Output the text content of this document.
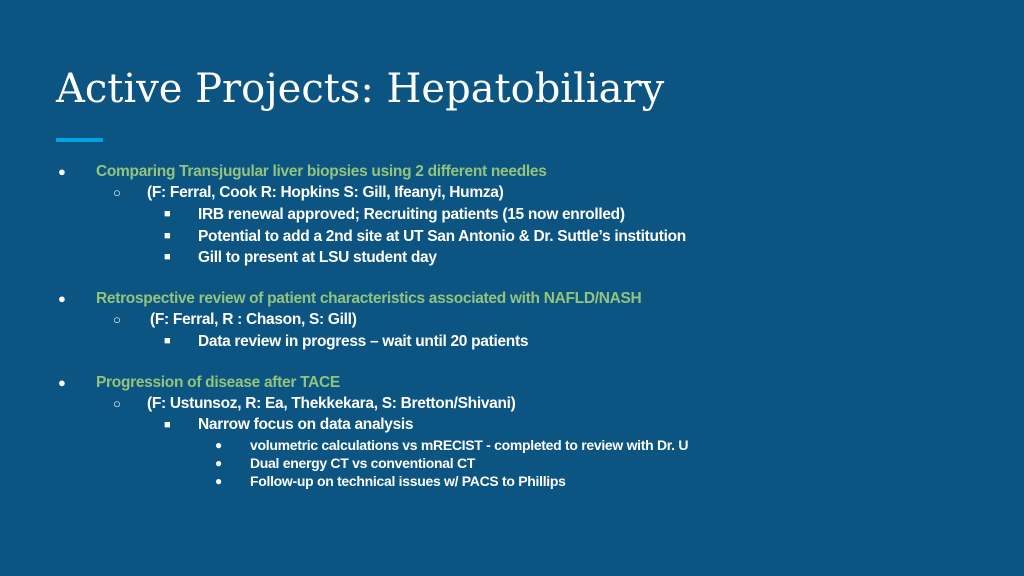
Active Projects: Hepatobiliary
● Comparing Transjugular liver biopsies using 2 different needles
○ (F: Ferral, Cook R: Hopkins S: Gill, Ifeanyi, Humza)
■ IRB renewal approved; Recruiting patients (15 now enrolled)
■ Potential to add a 2nd site at UT San Antonio & Dr. Suttle’s institution
■ Gill to present at LSU student day
● Retrospective review of patient characteristics associated with NAFLD/NASH
○ (F: Ferral, R : Chason, S: Gill)
■ Data review in progress – wait until 20 patients
● Progression of disease after TACE
○ (F: Ustunsoz, R: Ea, Thekkekara, S: Bretton/Shivani)
■ Narrow focus on data analysis
● volumetric calculations vs mRECIST - completed to review with Dr. U
● Dual energy CT vs conventional CT
● Follow-up on technical issues w/ PACS to Phillips
